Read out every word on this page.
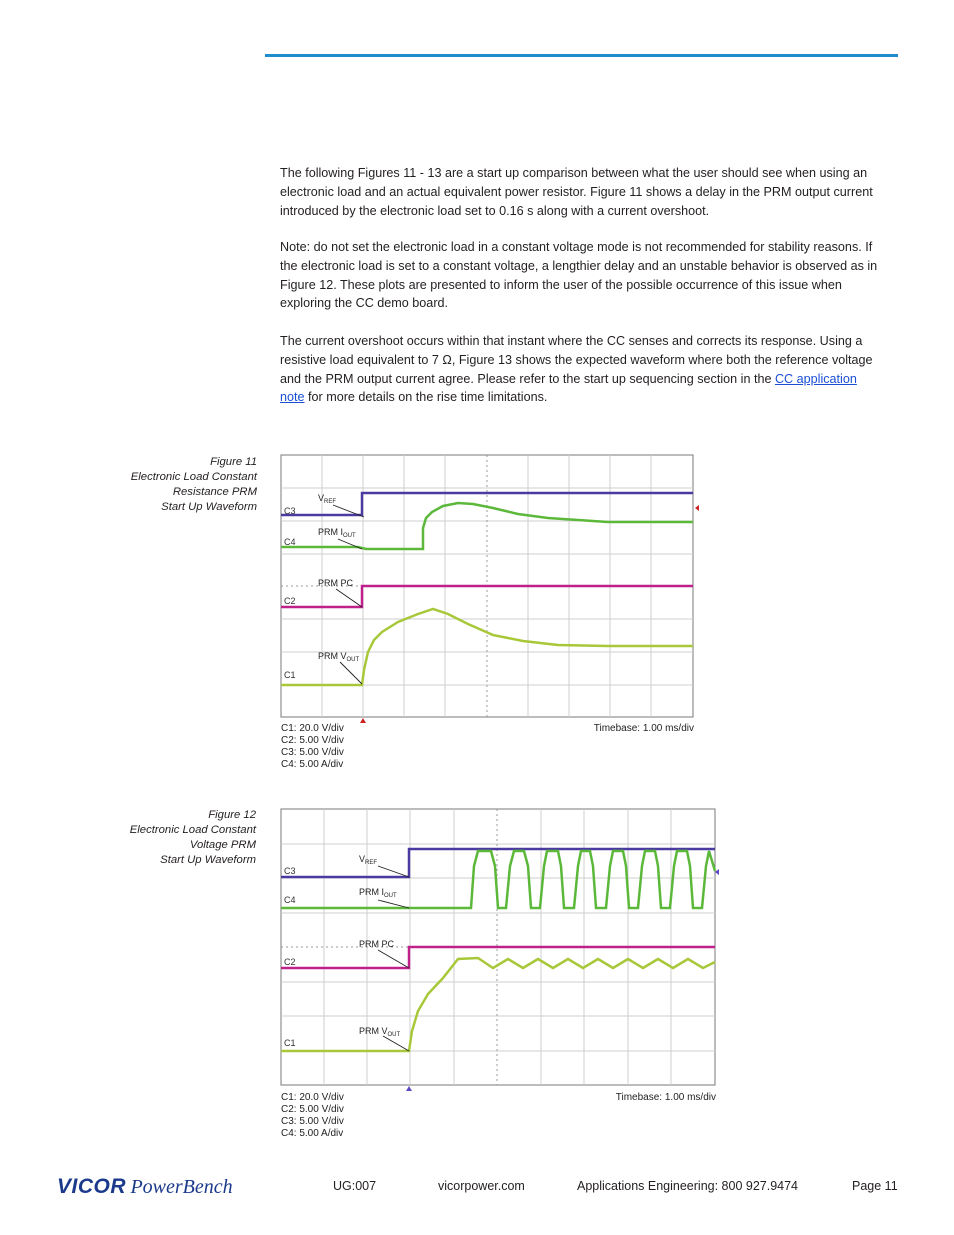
The following Figures 11 - 13 are a start up comparison between what the user should see when using an electronic load and an actual equivalent power resistor. Figure 11 shows a delay in the PRM output current introduced by the electronic load set to 0.16 s along with a current overshoot.

Note: do not set the electronic load in a constant voltage mode is not recommended for stability reasons. If the electronic load is set to a constant voltage, a lengthier delay and an unstable behavior is observed as in Figure 12. These plots are presented to inform the user of the possible occurrence of this issue when exploring the CC demo board.

The current overshoot occurs within that instant where the CC senses and corrects its response. Using a resistive load equivalent to 7 Ω, Figure 13 shows the expected waveform where both the reference voltage and the PRM output current agree. Please refer to the start up sequencing section in the CC application note for more details on the rise time limitations.

Figure 11
Electronic Load Constant
Resistance PRM
Start Up Waveform	C3
C4
C2
C1
$V_{REF}$
PRM $I_{OUT}$
PRM PC
PRM $V_{OUT}$
C1: 20.0 V/div
C2: 5.00 V/div
C3: 5.00 V/div
C4: 5.00 A/div
Timebase: 1.00 ms/div
Figure 12
Electronic Load Constant
Voltage PRM
Start Up Waveform
C3
C4
C2
C1
$V_{REF}$
PRM $I_{OUT}$
PRM PC
PRM $V_{OUT}$
C1: 20.0 V/div
C2: 5.00 V/div
C3: 5.00 V/div
C4: 5.00 A/div
Timebase: 1.00 ms/div
VICOR PowerBench	UG:007	vicorpower.com	Applications Engineering: 800 927.9474	Page 11
